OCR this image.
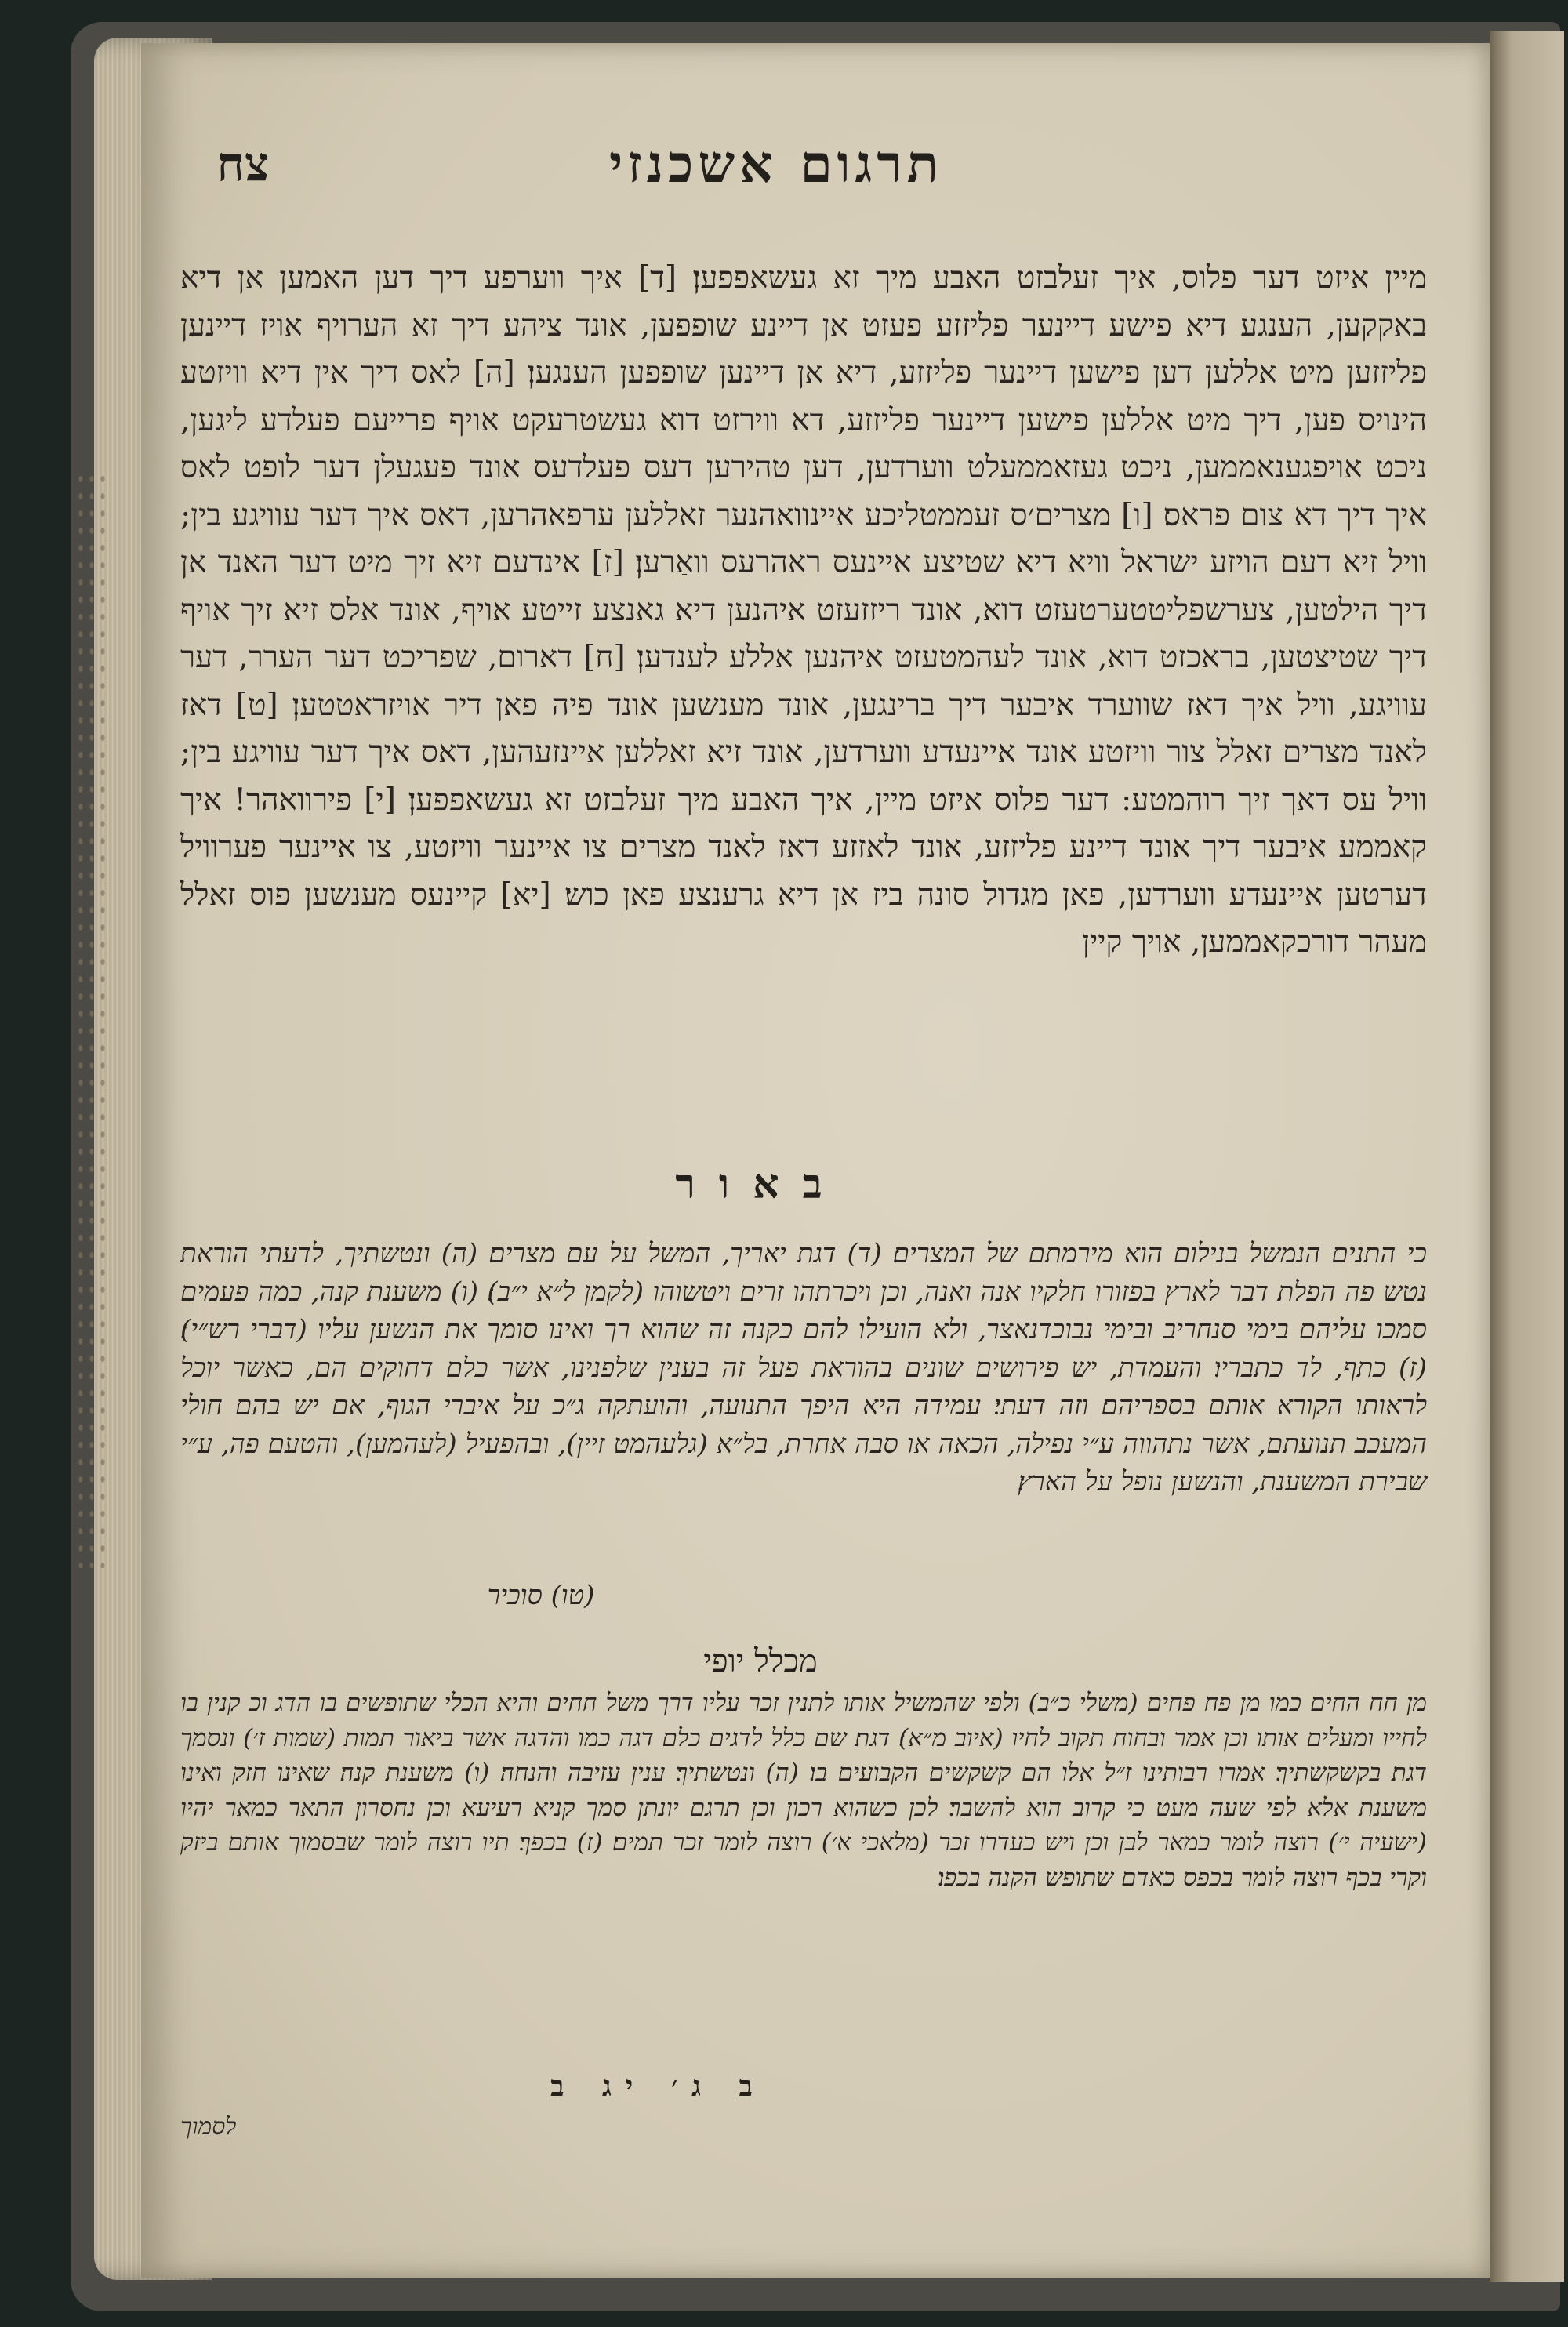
תרגום אשכנזי
צח
מיין איזט דער פלוס, איך זעלבזט האבע מיך זא געשאפפען׃ [ד] איך ווערפע דיך דען האמען אן דיא באקקען, הענגע דיא פישע דיינער פליזזע פעזט אן דיינע שופפען, אונד ציהע דיך זא הערויף אויז דיינען פליזזען מיט אללען דען פישען דיינער פליזזע, דיא אן דיינען שופפען הענגען׃ [ה] לאס דיך אין דיא וויזטע הינויס פען, דיך מיט אללען פישען דיינער פליזזע, דא ווירזט דוא געשטרעקט אויף פרייעם פעלדע ליגען, ניכט אויפגענאממען, ניכט געזאממעלט ווערדען, דען טהירען דעס פעלדעס אונד פעגעלן דער לופט לאס איך דיך דא צום פראס׃ [ו] מצרים׳ס זעממטליכע איינוואהנער זאללען ערפאהרען, דאס איך דער עוויגע בין; וויל זיא דעם הויזע ישראל וויא דיא שטיצע איינעס ראהרעס וואַרען׃ [ז] אינדעם זיא זיך מיט דער האנד אן דיך הילטען, צערשפליטטערטעזט דוא, אונד ריזזעזט איהנען דיא גאנצע זייטע אויף, אונד אלס זיא זיך אויף דיך שטיצטען, בראכזט דוא, אונד לעהמטעזט איהנען אללע לענדען׃ [ח] דארום, שפריכט דער הערר, דער עוויגע, וויל איך דאז שווערד איבער דיך ברינגען, אונד מענשען אונד פיה פאן דיר אויזראטטען׃ [ט] דאז לאנד מצרים זאלל צור וויזטע אונד איינעדע ווערדען, אונד זיא זאללען איינזעהען, דאס איך דער עוויגע בין; וויל עס דאך זיך רוהמטע: דער פלוס איזט מיין, איך האבע מיך זעלבזט זא געשאפפען׃ [י] פירוואהר! איך קאממע איבער דיך אונד דיינע פליזזע, אונד לאזזע דאז לאנד מצרים צו איינער וויזטע, צו איינער פערוויל דערטען איינעדע ווערדען, פאן מגדול סונה ביז אן דיא גרענצע פאן כוש׃ [יא] קיינעס מענשען פוס זאלל מעהר דורכקאממען, אויך קיין
באור
כי התנים הנמשל בנילום הוא מירמתם של המצרים׃ (ד) דגת יאריך, המשל על עם מצרים׃ (ה) ונטשתיך, לדעתי הוראת נטש פה הפלת דבר לארץ בפזורו חלקיו אנה ואנה, וכן ויכרתהו זרים ויטשוהו (לקמן ל״א י״ב)׃ (ו) משענת קנה, כמה פעמים סמכו עליהם בימי סנחריב ובימי נבוכדנאצר, ולא הועילו להם כקנה זה שהוא רך ואינו סומך את הנשען עליו (דברי רש״י)׃ (ז) כתף, לד כתבריו׃ והעמדת, יש פירושים שונים בהוראת פעל זה בענין שלפנינו, אשר כלם דחוקים הם, כאשר יוכל לראותו הקורא אותם בספריהם׃ וזה דעתי׃ עמידה היא היפך התנועה, והועתקה ג״כ על איברי הגוף, אם יש בהם חולי המעכב תנועתם, אשר נתהווה ע״י נפילה, הכאה או סבה אחרת, בל״א (גלעהמט זיין), ובהפעיל (לעהמען), והטעם פה, ע״י שבירת המשענת, והנשען נופל על הארץ׃
(טו) סוכיר
מכלל יופי
מן חח החים כמו מן פח פחים (משלי כ״ב) ולפי שהמשיל אותו לתנין זכר עליו דרך משל חחים והיא הכלי שתופשים בו הדג וכ קנין בו לחייו ומעלים אותו וכן אמר ובחוח תקוב לחיו (איוב מ״א)׃ דגת׃ שם כלל לדגים כלם דגה כמו והדגה אשר ביאור תמות (שמות ז׳) ונסמך דגת׃ בקשקשתיך׃ אמרו רבותינו ז״ל אלו הם קשקשים הקבועים בו׃ (ה) ונטשתיך׃ ענין עזיבה והנחה׃ (ו) משענת קנה׃ שאינו חזק ואינו משענת אלא לפי שעה מעט כי קרוב הוא להשבר׃ לכן כשהוא רכון וכן תרגם יונתן סמך קניא רעיעא וכן נחסרון התאר כמאר יהיו (ישעיה י׳) רוצה לומר כמאר לבן וכן ויש כעדרו זכר (מלאכי א׳) רוצה לומר זכר תמים׃ (ז) בכפך׃ תיו רוצה לומר שבסמוך אותם ביזק וקרי בכף רוצה לומר בכפס כאדם שתופש הקנה בכפו׃
ב ג׳ יג ב
לסמוך
